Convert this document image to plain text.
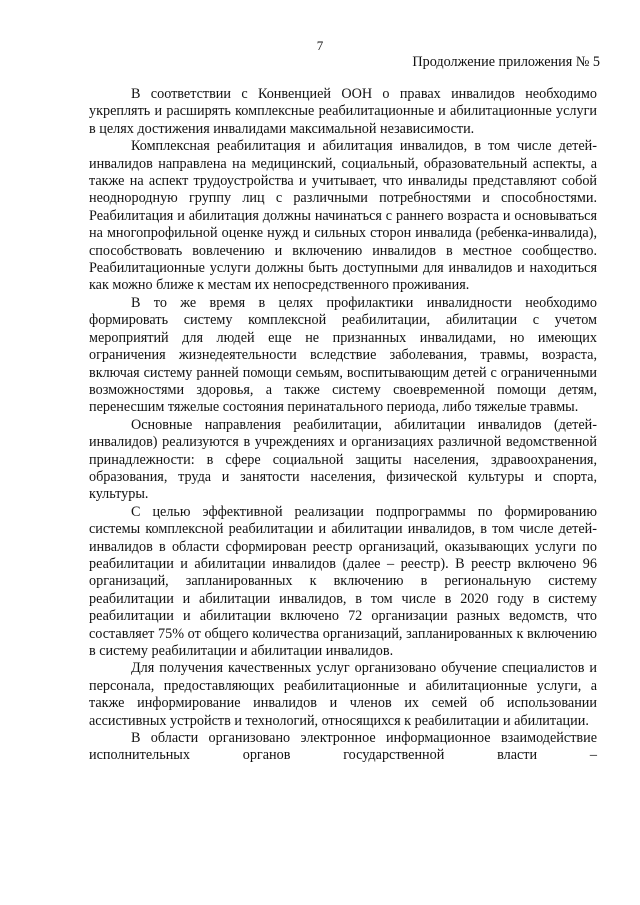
7
Продолжение приложения № 5

В соответствии с Конвенцией ООН о правах инвалидов необходимо укреплять и расширять комплексные реабилитационные и абилитационные услуги в целях достижения инвалидами максимальной независимости.

Комплексная реабилитация и абилитация инвалидов, в том числе детей-инвалидов направлена на медицинский, социальный, образовательный аспекты, а также на аспект трудоустройства и учитывает, что инвалиды представляют собой неоднородную группу лиц с различными потребностями и способностями. Реабилитация и абилитация должны начинаться с раннего возраста и основываться на многопрофильной оценке нужд и сильных сторон инвалида (ребенка-инвалида), способствовать вовлечению и включению инвалидов в местное сообщество. Реабилитационные услуги должны быть доступными для инвалидов и находиться как можно ближе к местам их непосредственного проживания.

В то же время в целях профилактики инвалидности необходимо формировать систему комплексной реабилитации, абилитации с учетом мероприятий для людей еще не признанных инвалидами, но имеющих ограничения жизнедеятельности вследствие заболевания, травмы, возраста, включая систему ранней помощи семьям, воспитывающим детей с ограниченными возможностями здоровья, а также систему своевременной помощи детям, перенесшим тяжелые состояния перинатального периода, либо тяжелые травмы.

Основные направления реабилитации, абилитации инвалидов (детей-инвалидов) реализуются в учреждениях и организациях различной ведомственной принадлежности: в сфере социальной защиты населения, здравоохранения, образования, труда и занятости населения, физической культуры и спорта, культуры.

С целью эффективной реализации подпрограммы по формированию системы комплексной реабилитации и абилитации инвалидов, в том числе детей-инвалидов в области сформирован реестр организаций, оказывающих услуги по реабилитации и абилитации инвалидов (далее – реестр). В реестр включено 96 организаций, запланированных к включению в региональную систему реабилитации и абилитации инвалидов, в том числе в 2020 году в систему реабилитации и абилитации включено 72 организации разных ведомств, что составляет 75% от общего количества организаций, запланированных к включению в систему реабилитации и абилитации инвалидов.

Для получения качественных услуг организовано обучение специалистов и персонала, предоставляющих реабилитационные и абилитационные услуги, а также информирование инвалидов и членов их семей об использовании ассистивных устройств и технологий, относящихся к реабилитации и абилитации.

В области организовано электронное информационное взаимодействие исполнительных органов государственной власти –
